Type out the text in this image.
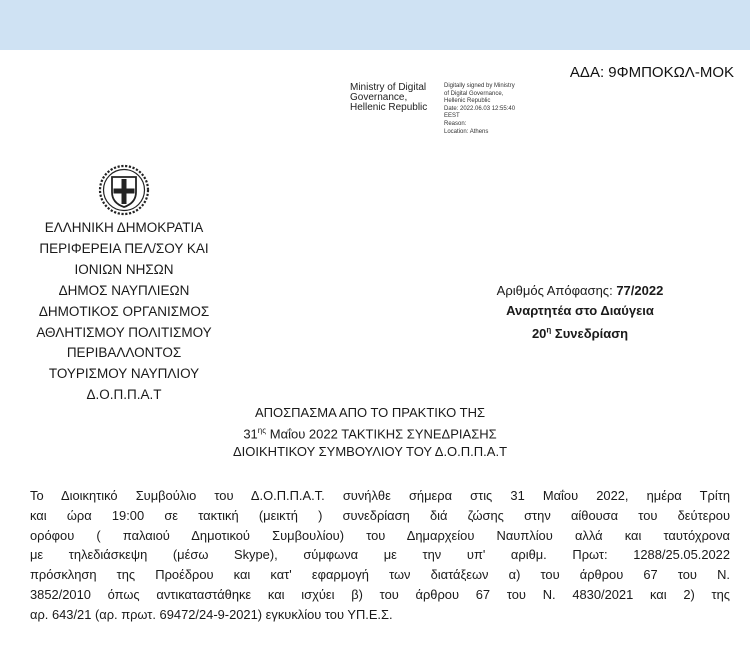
ΑΔΑ: 9ΦΜΠΟΚΩΛ-ΜΟΚ
Ministry of Digital
Governance,
Hellenic Republic
Digitally signed by Ministry
of Digital Governance,
Hellenic Republic
Date: 2022.06.03 12:55:40
EEST
Reason:
Location: Athens
ΕΛΛΗΝΙΚΗ ΔΗΜΟΚΡΑΤΙΑ
ΠΕΡΙΦΕΡΕΙΑ ΠΕΛ/ΣΟΥ ΚΑΙ
ΙΟΝΙΩΝ ΝΗΣΩΝ
ΔΗΜΟΣ ΝΑΥΠΛΙΕΩΝ
ΔΗΜΟΤΙΚΟΣ ΟΡΓΑΝΙΣΜΟΣ
ΑΘΛΗΤΙΣΜΟΥ ΠΟΛΙΤΙΣΜΟΥ
ΠΕΡΙΒΑΛΛΟΝΤΟΣ
ΤΟΥΡΙΣΜΟΥ ΝΑΥΠΛΙΟΥ
Δ.Ο.Π.Π.Α.Τ
Αριθμός Απόφασης: 77/2022
Αναρτητέα στο Διαύγεια
$20^\eta$ Συνεδρίαση
ΑΠΟΣΠΑΣΜΑ ΑΠΟ ΤΟ ΠΡΑΚΤΙΚΟ ΤΗΣ
$31^{\eta\varsigma}$ Μαΐου 2022 ΤΑΚΤΙΚΗΣ ΣΥΝΕΔΡΙΑΣΗΣ
ΔΙΟΙΚΗΤΙΚΟΥ ΣΥΜΒΟΥΛΙΟΥ ΤΟΥ Δ.Ο.Π.Π.Α.Τ
Το Διοικητικό Συμβούλιο του Δ.Ο.Π.Π.Α.Τ. συνήλθε σήμερα στις 31 Μαΐου 2022, ημέρα Τρίτη
και ώρα 19:00 σε τακτική (μεικτή ) συνεδρίαση διά ζώσης στην αίθουσα του δεύτερου
ορόφου ( παλαιού Δημοτικού Συμβουλίου) του Δημαρχείου Ναυπλίου αλλά και ταυτόχρονα
με τηλεδιάσκεψη (μέσω Skype), σύμφωνα με την υπ' αριθμ. Πρωτ: 1288/25.05.2022
πρόσκληση της Προέδρου και κατ' εφαρμογή των διατάξεων α) του άρθρου 67 του Ν.
3852/2010 όπως αντικαταστάθηκε και ισχύει β) του άρθρου 67 του Ν. 4830/2021 και 2) της
αρ. 643/21 (αρ. πρωτ. 69472/24-9-2021) εγκυκλίου του ΥΠ.Ε.Σ.
